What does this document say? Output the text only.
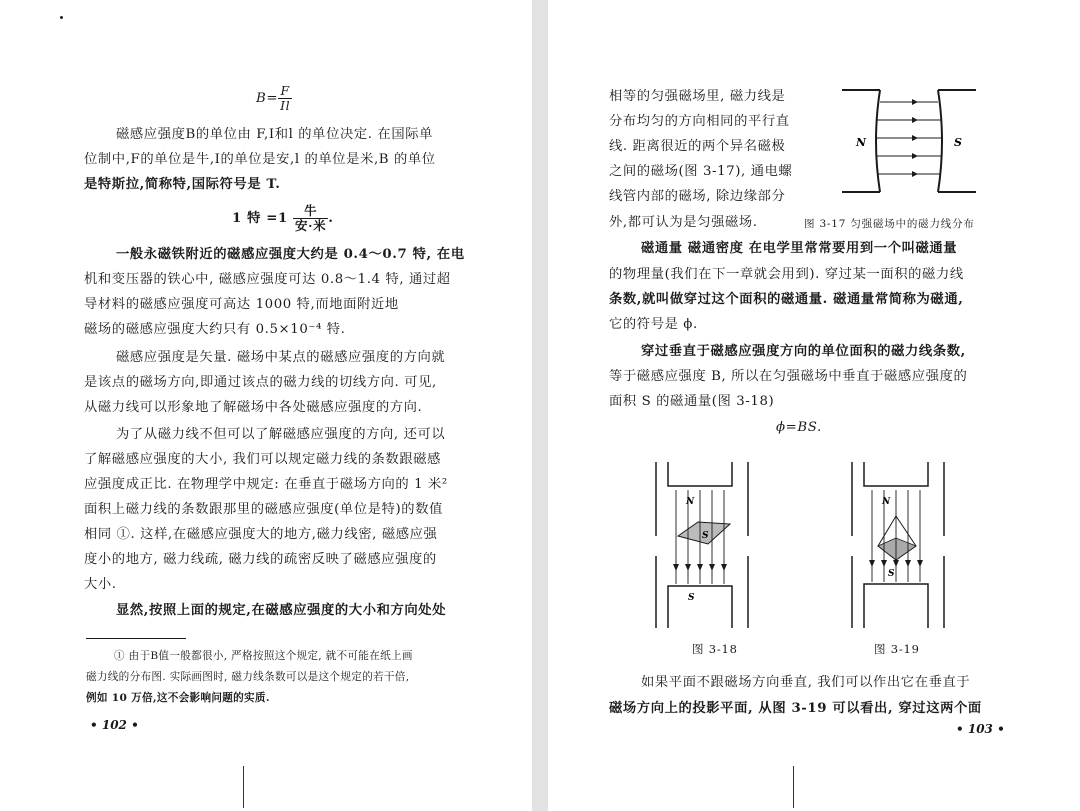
$B= \frac{F}{Il}$
磁感应强度B的单位由 F,I和l 的单位决定. 在国际单
位制中,F的单位是牛,I的单位是安,l 的单位是米,B 的单位
是特斯拉,简称特,国际符号是 T.
1 特 $=1 \frac{\text{牛}}{\text{安·米}}$ .
一般永磁铁附近的磁感应强度大约是 0.4～0.7 特, 在电
机和变压器的铁心中, 磁感应强度可达 0.8～1.4 特, 通过超
导材料的磁感应强度可高达 1000 特,而地面附近地
磁场的磁感应强度大约只有 0.5×10⁻⁴ 特.
磁感应强度是矢量. 磁场中某点的磁感应强度的方向就
是该点的磁场方向,即通过该点的磁力线的切线方向. 可见,
从磁力线可以形象地了解磁场中各处磁感应强度的方向.
为了从磁力线不但可以了解磁感应强度的方向, 还可以
了解磁感应强度的大小, 我们可以规定磁力线的条数跟磁感
应强度成正比. 在物理学中规定: 在垂直于磁场方向的 1 米²
面积上磁力线的条数跟那里的磁感应强度(单位是特)的数值
相同 ①. 这样,在磁感应强度大的地方,磁力线密, 磁感应强
度小的地方, 磁力线疏, 磁力线的疏密反映了磁感应强度的
大小.
显然,按照上面的规定,在磁感应强度的大小和方向处处
① 由于B值一般都很小, 严格按照这个规定, 就不可能在纸上画
磁力线的分布图. 实际画图时, 磁力线条数可以是这个规定的若干倍,
例如 10 万倍,这不会影响问题的实质.
• 102 •
相等的匀强磁场里, 磁力线是
分布均匀的方向相同的平行直
线. 距离很近的两个异名磁极
之间的磁场(图 3-17), 通电螺
线管内部的磁场, 除边缘部分
外,都可认为是匀强磁场.
N	S
图 3-17 匀强磁场中的磁力线分布
磁通量 磁通密度 在电学里常常要用到一个叫磁通量
的物理量(我们在下一章就会用到). 穿过某一面积的磁力线
条数,就叫做穿过这个面积的磁通量. 磁通量常简称为磁通,
它的符号是 ϕ.
穿过垂直于磁感应强度方向的单位面积的磁力线条数,
等于磁感应强度 B, 所以在匀强磁场中垂直于磁感应强度的
面积 S 的磁通量(图 3-18)
ϕ=BS.
N
S
S
图 3-18
N
S
图 3-19
如果平面不跟磁场方向垂直, 我们可以作出它在垂直于
磁场方向上的投影平面, 从图 3-19 可以看出, 穿过这两个面
• 103 •
